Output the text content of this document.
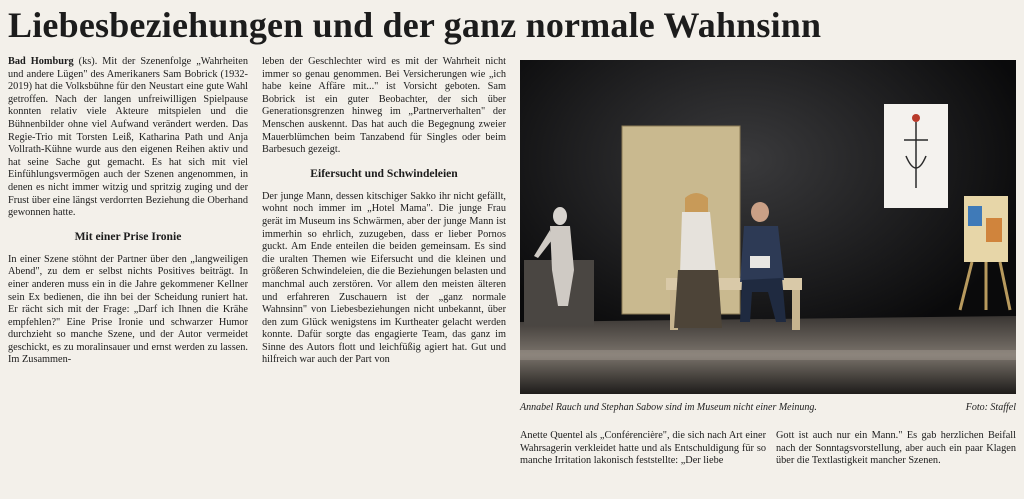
Liebesbeziehungen und der ganz normale Wahnsinn

Bad Homburg (ks). Mit der Szenenfolge „Wahrheiten und andere Lügen" des Amerikaners Sam Bobrick (1932-2019) hat die Volksbühne für den Neustart eine gute Wahl getroffen. Nach der langen unfreiwilligen Spielpause konnten relativ viele Akteure mitspielen und die Bühnenbilder ohne viel Aufwand verändert werden. Das Regie-Trio mit Torsten Leiß, Katharina Path und Anja Vollrath-Kühne wurde aus den eigenen Reihen aktiv und hat seine Sache gut gemacht. Es hat sich mit viel Einfühlungsvermögen auch der Szenen angenommen, in denen es nicht immer witzig und spritzig zuging und der Frust über eine längst verdorrten Beziehung die Oberhand gewonnen hatte.

Mit einer Prise Ironie

In einer Szene stöhnt der Partner über den „langweiligen Abend", zu dem er selbst nichts Positives beiträgt. In einer anderen muss ein in die Jahre gekommener Kellner sein Ex bedienen, die ihn bei der Scheidung runiert hat. Er rächt sich mit der Frage: „Darf ich Ihnen die Krähe empfehlen?" Eine Prise Ironie und schwarzer Humor durchzieht so manche Szene, und der Autor vermeidet geschickt, es zu moralinsauer und ernst werden zu lassen. Im Zusammen-

leben der Geschlechter wird es mit der Wahrheit nicht immer so genau genommen. Bei Versicherungen wie „ich habe keine Affäre mit..." ist Vorsicht geboten. Sam Bobrick ist ein guter Beobachter, der sich über Generationsgrenzen hinweg im „Partnerverhalten" der Menschen auskennt. Das hat auch die Begegnung zweier Mauerblümchen beim Tanzabend für Singles oder beim Barbesuch gezeigt.

Eifersucht und Schwindeleien

Der junge Mann, dessen kitschiger Sakko ihr nicht gefällt, wohnt noch immer im „Hotel Mama". Die junge Frau gerät im Museum ins Schwärmen, aber der junge Mann ist immerhin so ehrlich, zuzugeben, dass er lieber Pornos guckt. Am Ende enteilen die beiden gemeinsam. Es sind die uralten Themen wie Eifersucht und die kleinen und größeren Schwindeleien, die die Beziehungen belasten und manchmal auch zerstören. Vor allem den meisten älteren und erfahreren Zuschauern ist der „ganz normale Wahnsinn" von Liebesbeziehungen nicht unbekannt, über den zum Glück wenigstens im Kurtheater gelacht werden konnte. Dafür sorgte das engagierte Team, das ganz im Sinne des Autors flott und leichfüßig agiert hat. Gut und hilfreich war auch der Part von

Annabel Rauch und Stephan Sabow sind im Museum nicht einer Meinung.	Foto: Staffel

Anette Quentel als „Conférencière", die sich nach Art einer Wahrsagerin verkleidet hatte und als Entschuldigung für so manche Irritation lakonisch feststellte: „Der liebe

Gott ist auch nur ein Mann." Es gab herzlichen Beifall nach der Sonntagsvorstellung, aber auch ein paar Klagen über die Textlastigkeit mancher Szenen.
